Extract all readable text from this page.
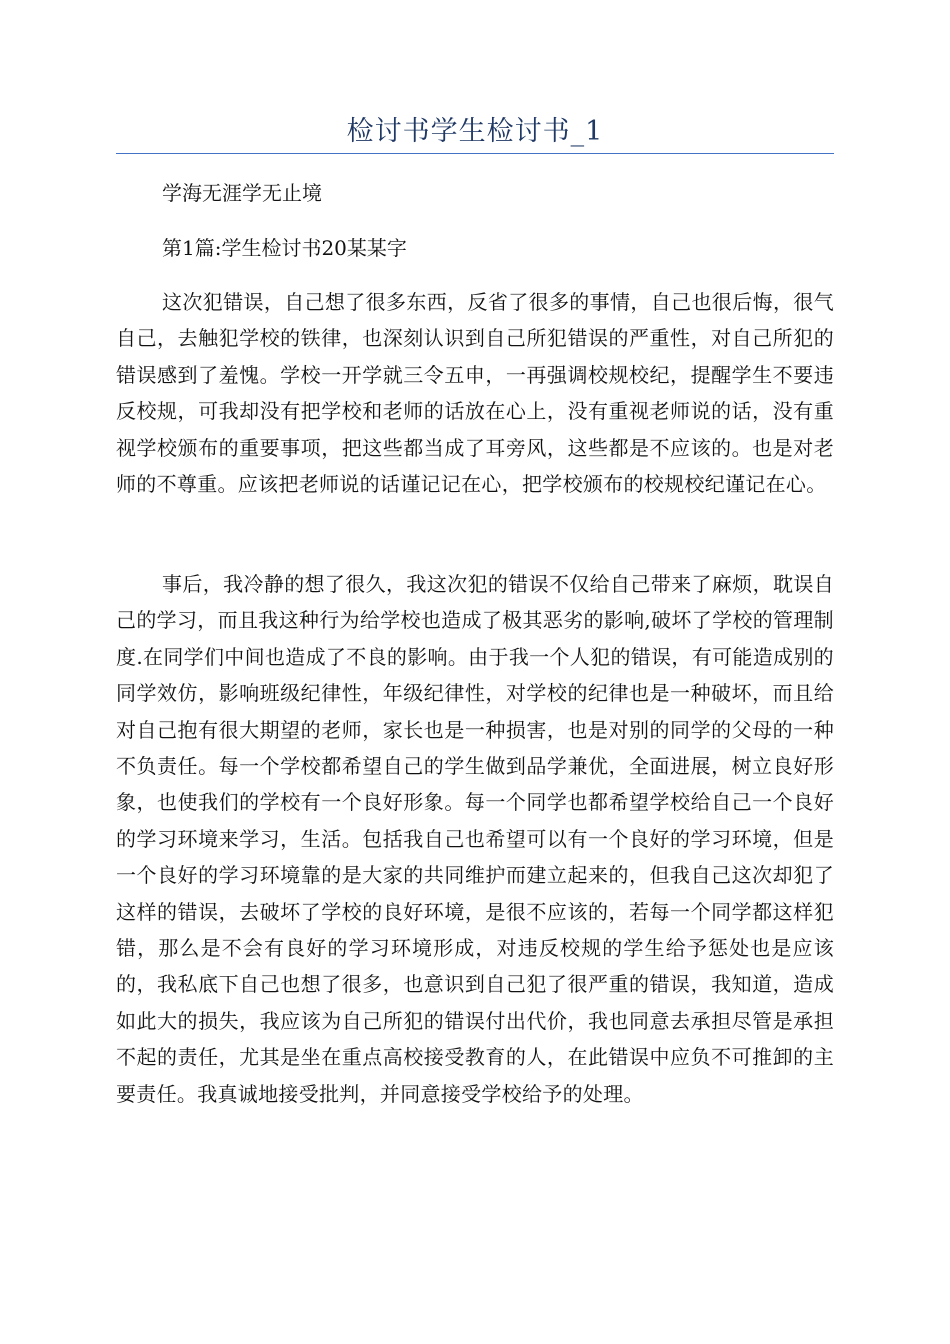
检讨书学生检讨书_1

学海无涯学无止境

第1篇:学生检讨书20某某字

这次犯错误，自己想了很多东西，反省了很多的事情，自己也很后悔，很气自己，去触犯学校的铁律，也深刻认识到自己所犯错误的严重性，对自己所犯的错误感到了羞愧。学校一开学就三令五申，一再强调校规校纪，提醒学生不要违反校规，可我却没有把学校和老师的话放在心上，没有重视老师说的话，没有重视学校颁布的重要事项，把这些都当成了耳旁风，这些都是不应该的。也是对老师的不尊重。应该把老师说的话谨记记在心，把学校颁布的校规校纪谨记在心。

事后，我冷静的想了很久，我这次犯的错误不仅给自己带来了麻烦，耽误自己的学习，而且我这种行为给学校也造成了极其恶劣的影响,破坏了学校的管理制度.在同学们中间也造成了不良的影响。由于我一个人犯的错误，有可能造成别的同学效仿，影响班级纪律性，年级纪律性，对学校的纪律也是一种破坏，而且给对自己抱有很大期望的老师，家长也是一种损害，也是对别的同学的父母的一种不负责任。每一个学校都希望自己的学生做到品学兼优，全面进展，树立良好形象，也使我们的学校有一个良好形象。每一个同学也都希望学校给自己一个良好的学习环境来学习，生活。包括我自己也希望可以有一个良好的学习环境，但是一个良好的学习环境靠的是大家的共同维护而建立起来的，但我自己这次却犯了这样的错误，去破坏了学校的良好环境，是很不应该的，若每一个同学都这样犯错，那么是不会有良好的学习环境形成，对违反校规的学生给予惩处也是应该的，我私底下自己也想了很多，也意识到自己犯了很严重的错误，我知道，造成如此大的损失，我应该为自己所犯的错误付出代价，我也同意去承担尽管是承担不起的责任，尤其是坐在重点高校接受教育的人，在此错误中应负不可推卸的主要责任。我真诚地接受批判，并同意接受学校给予的处理。
